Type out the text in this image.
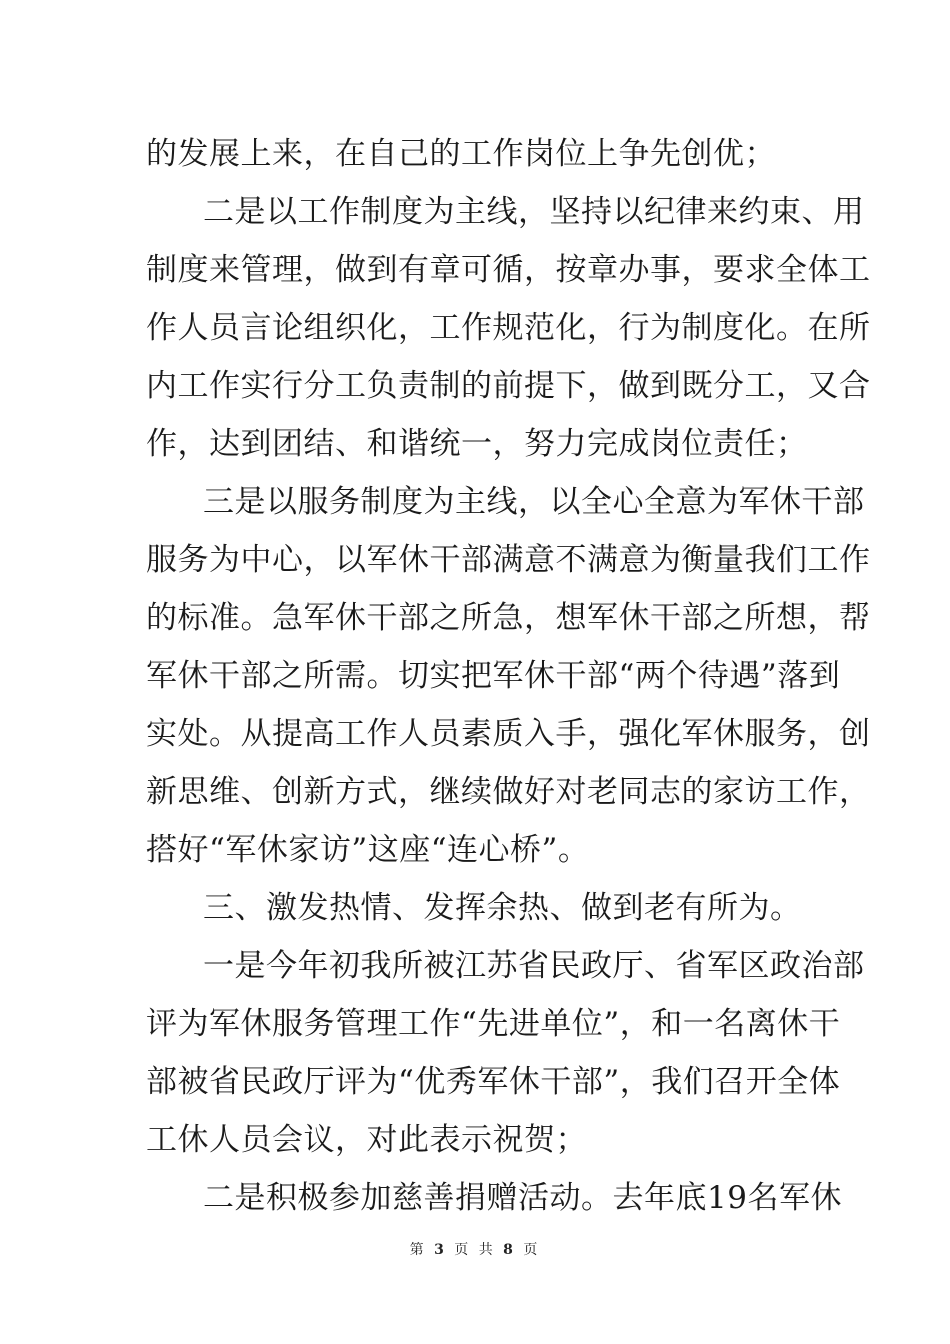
的发展上来，在自己的工作岗位上争先创优；
二是以工作制度为主线，坚持以纪律来约束、用
制度来管理，做到有章可循，按章办事，要求全体工
作人员言论组织化，工作规范化，行为制度化。在所
内工作实行分工负责制的前提下，做到既分工，又合
作，达到团结、和谐统一，努力完成岗位责任；
三是以服务制度为主线，以全心全意为军休干部
服务为中心，以军休干部满意不满意为衡量我们工作
的标准。急军休干部之所急，想军休干部之所想，帮
军休干部之所需。切实把军休干部“两个待遇”落到
实处。从提高工作人员素质入手，强化军休服务，创
新思维、创新方式，继续做好对老同志的家访工作，
搭好“军休家访”这座“连心桥”。
三、激发热情、发挥余热、做到老有所为。
一是今年初我所被江苏省民政厅、省军区政治部
评为军休服务管理工作“先进单位”，和一名离休干
部被省民政厅评为“优秀军休干部”，我们召开全体
工休人员会议，对此表示祝贺；
二是积极参加慈善捐赠活动。去年底19名军休
第 3 页 共 8 页
